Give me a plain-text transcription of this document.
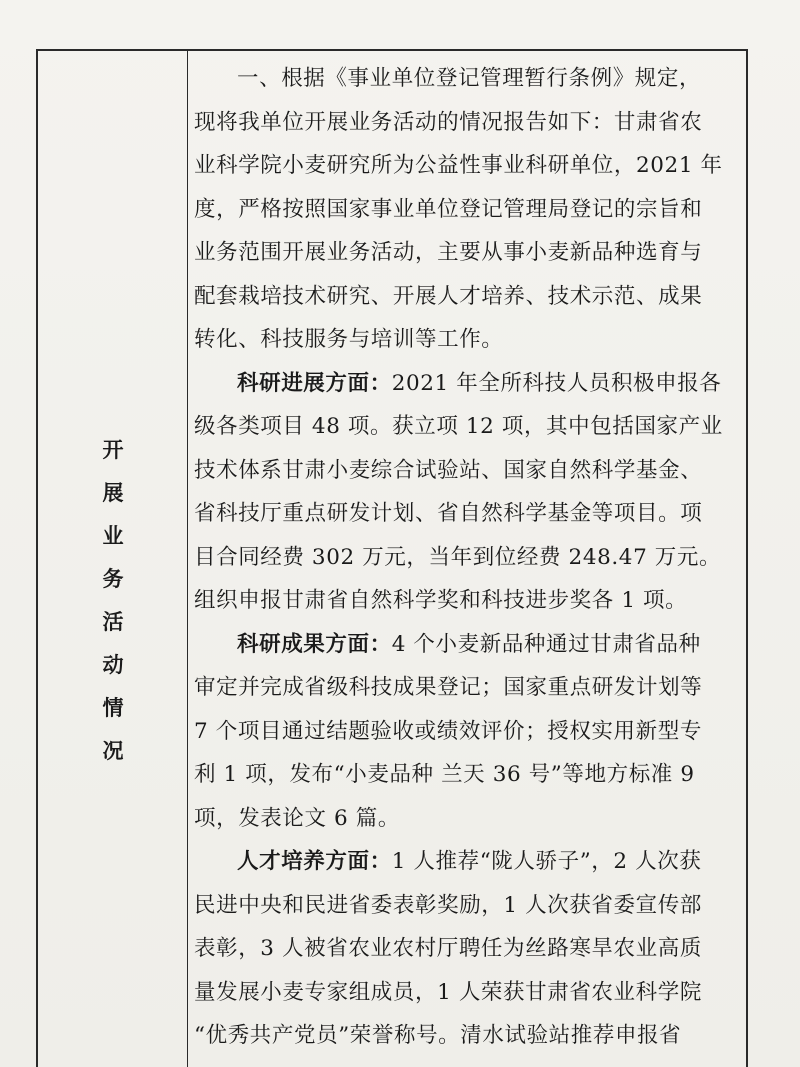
开
展
业
务
活
动
情
况

一、根据《事业单位登记管理暂行条例》规定，

现将我单位开展业务活动的情况报告如下：甘肃省农

业科学院小麦研究所为公益性事业科研单位，2021 年

度，严格按照国家事业单位登记管理局登记的宗旨和

业务范围开展业务活动，主要从事小麦新品种选育与

配套栽培技术研究、开展人才培养、技术示范、成果

转化、科技服务与培训等工作。

科研进展方面：2021 年全所科技人员积极申报各

级各类项目 48 项。获立项 12 项，其中包括国家产业

技术体系甘肃小麦综合试验站、国家自然科学基金、

省科技厅重点研发计划、省自然科学基金等项目。项

目合同经费 302 万元，当年到位经费 248.47 万元。

组织申报甘肃省自然科学奖和科技进步奖各 1 项。

科研成果方面：4 个小麦新品种通过甘肃省品种

审定并完成省级科技成果登记；国家重点研发计划等

7 个项目通过结题验收或绩效评价；授权实用新型专

利 1 项，发布“小麦品种 兰天 36 号”等地方标准 9

项，发表论文 6 篇。

人才培养方面：1 人推荐“陇人骄子”，2 人次获

民进中央和民进省委表彰奖励，1 人次获省委宣传部

表彰，3 人被省农业农村厅聘任为丝路寒旱农业高质

量发展小麦专家组成员，1 人荣获甘肃省农业科学院

“优秀共产党员”荣誉称号。清水试验站推荐申报省
